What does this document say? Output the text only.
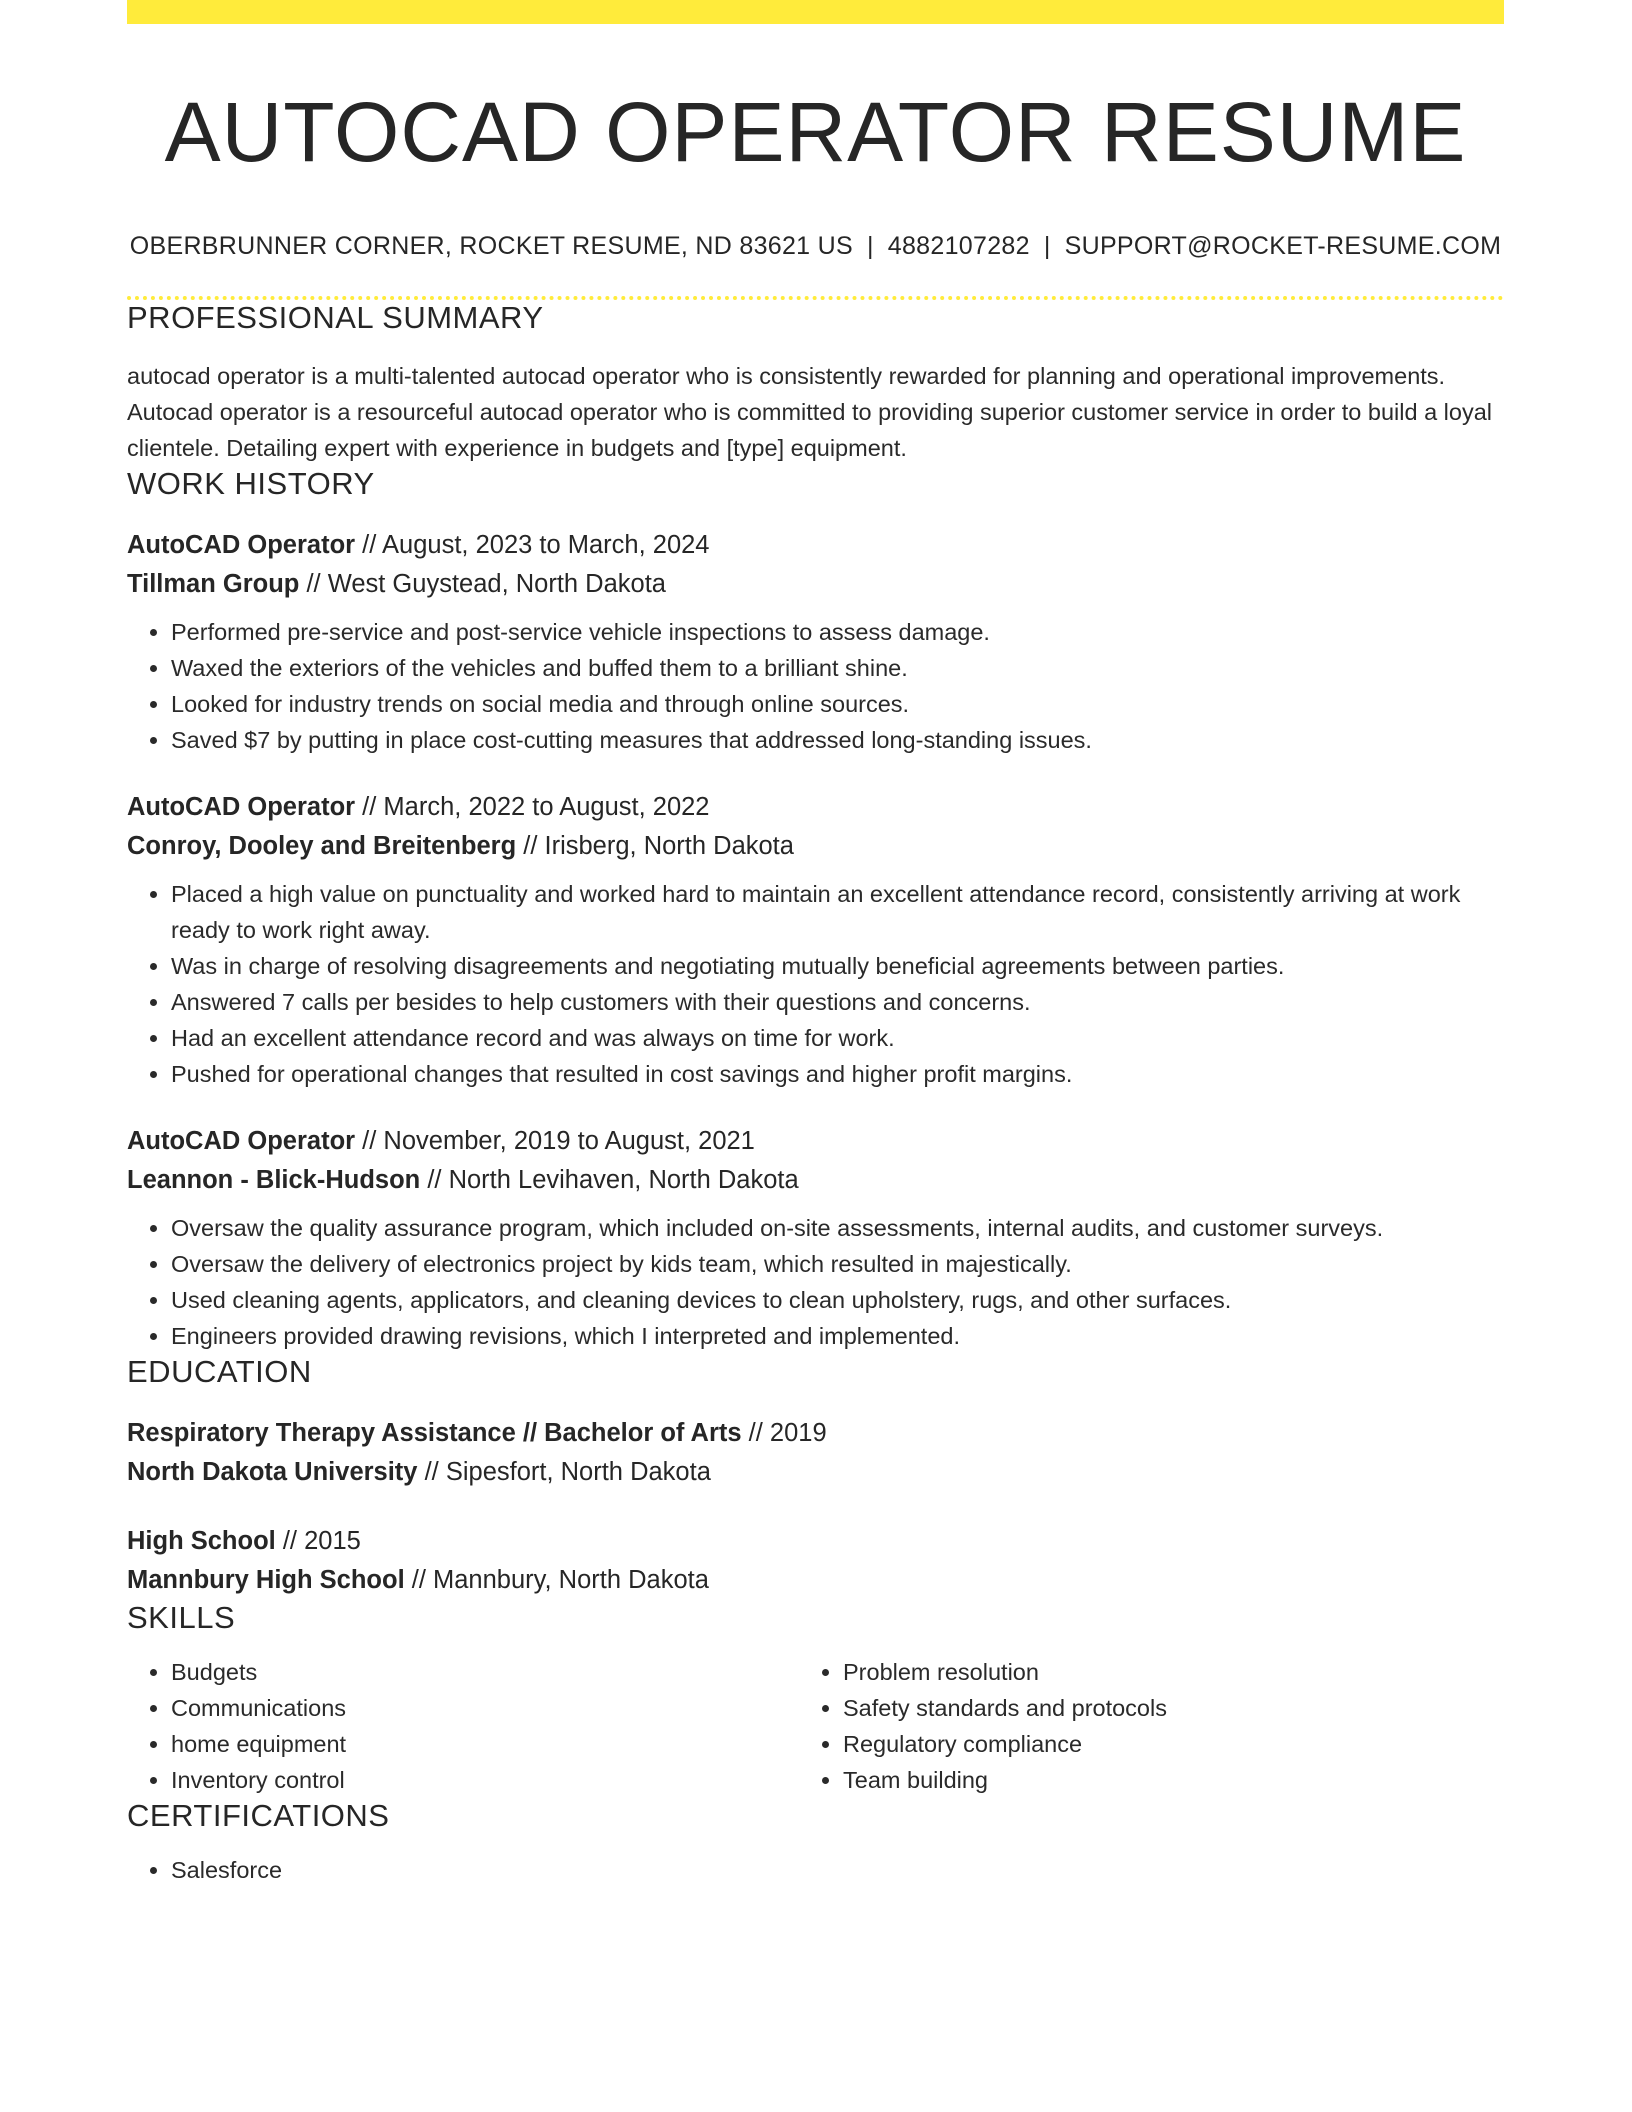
AUTOCAD OPERATOR RESUME
OBERBRUNNER CORNER, ROCKET RESUME, ND 83621 US | 4882107282 | SUPPORT@ROCKET-RESUME.COM
PROFESSIONAL SUMMARY
autocad operator is a multi-talented autocad operator who is consistently rewarded for planning and operational improvements. Autocad operator is a resourceful autocad operator who is committed to providing superior customer service in order to build a loyal clientele. Detailing expert with experience in budgets and [type] equipment.
WORK HISTORY
AutoCAD Operator // August, 2023 to March, 2024
Tillman Group // West Guystead, North Dakota
• Performed pre-service and post-service vehicle inspections to assess damage.
• Waxed the exteriors of the vehicles and buffed them to a brilliant shine.
• Looked for industry trends on social media and through online sources.
• Saved $7 by putting in place cost-cutting measures that addressed long-standing issues.
AutoCAD Operator // March, 2022 to August, 2022
Conroy, Dooley and Breitenberg // Irisberg, North Dakota
• Placed a high value on punctuality and worked hard to maintain an excellent attendance record, consistently arriving at work ready to work right away.
• Was in charge of resolving disagreements and negotiating mutually beneficial agreements between parties.
• Answered 7 calls per besides to help customers with their questions and concerns.
• Had an excellent attendance record and was always on time for work.
• Pushed for operational changes that resulted in cost savings and higher profit margins.
AutoCAD Operator // November, 2019 to August, 2021
Leannon - Blick-Hudson // North Levihaven, North Dakota
• Oversaw the quality assurance program, which included on-site assessments, internal audits, and customer surveys.
• Oversaw the delivery of electronics project by kids team, which resulted in majestically.
• Used cleaning agents, applicators, and cleaning devices to clean upholstery, rugs, and other surfaces.
• Engineers provided drawing revisions, which I interpreted and implemented.
EDUCATION
Respiratory Therapy Assistance // Bachelor of Arts // 2019
North Dakota University // Sipesfort, North Dakota
High School // 2015
Mannbury High School // Mannbury, North Dakota
SKILLS
• Budgets
• Communications
• home equipment
• Inventory control
• Problem resolution
• Safety standards and protocols
• Regulatory compliance
• Team building
CERTIFICATIONS
• Salesforce
